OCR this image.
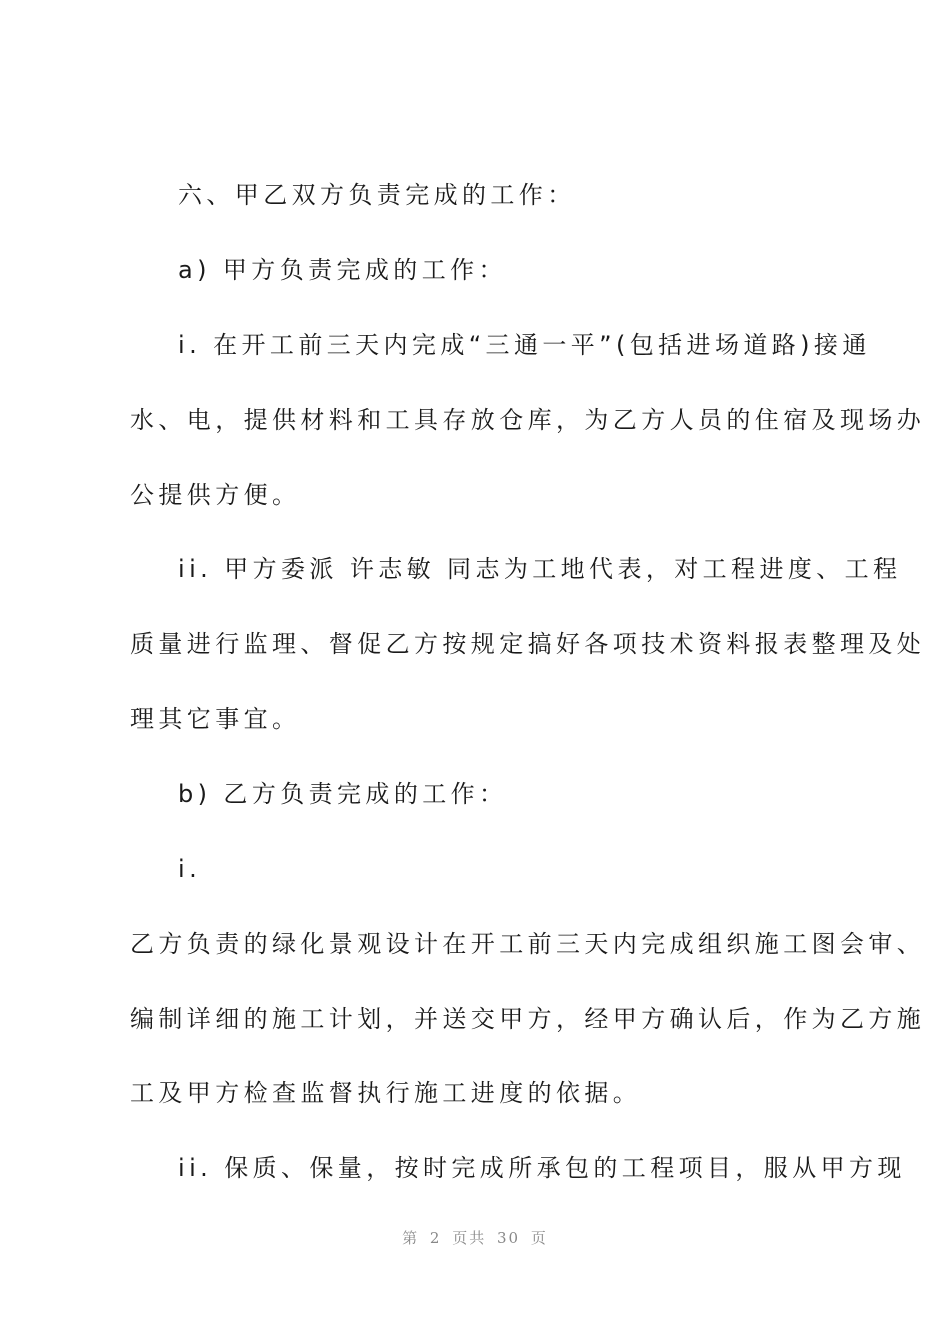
六、甲乙双方负责完成的工作：
a) 甲方负责完成的工作：
i. 在开工前三天内完成“三通一平”(包括进场道路)接通
水、电，提供材料和工具存放仓库，为乙方人员的住宿及现场办
公提供方便。
ii. 甲方委派 许志敏 同志为工地代表，对工程进度、工程
质量进行监理、督促乙方按规定搞好各项技术资料报表整理及处
理其它事宜。
b) 乙方负责完成的工作：
i.
乙方负责的绿化景观设计在开工前三天内完成组织施工图会审、
编制详细的施工计划，并送交甲方，经甲方确认后，作为乙方施
工及甲方检查监督执行施工进度的依据。
ii. 保质、保量，按时完成所承包的工程项目，服从甲方现
第 2 页共 30 页
